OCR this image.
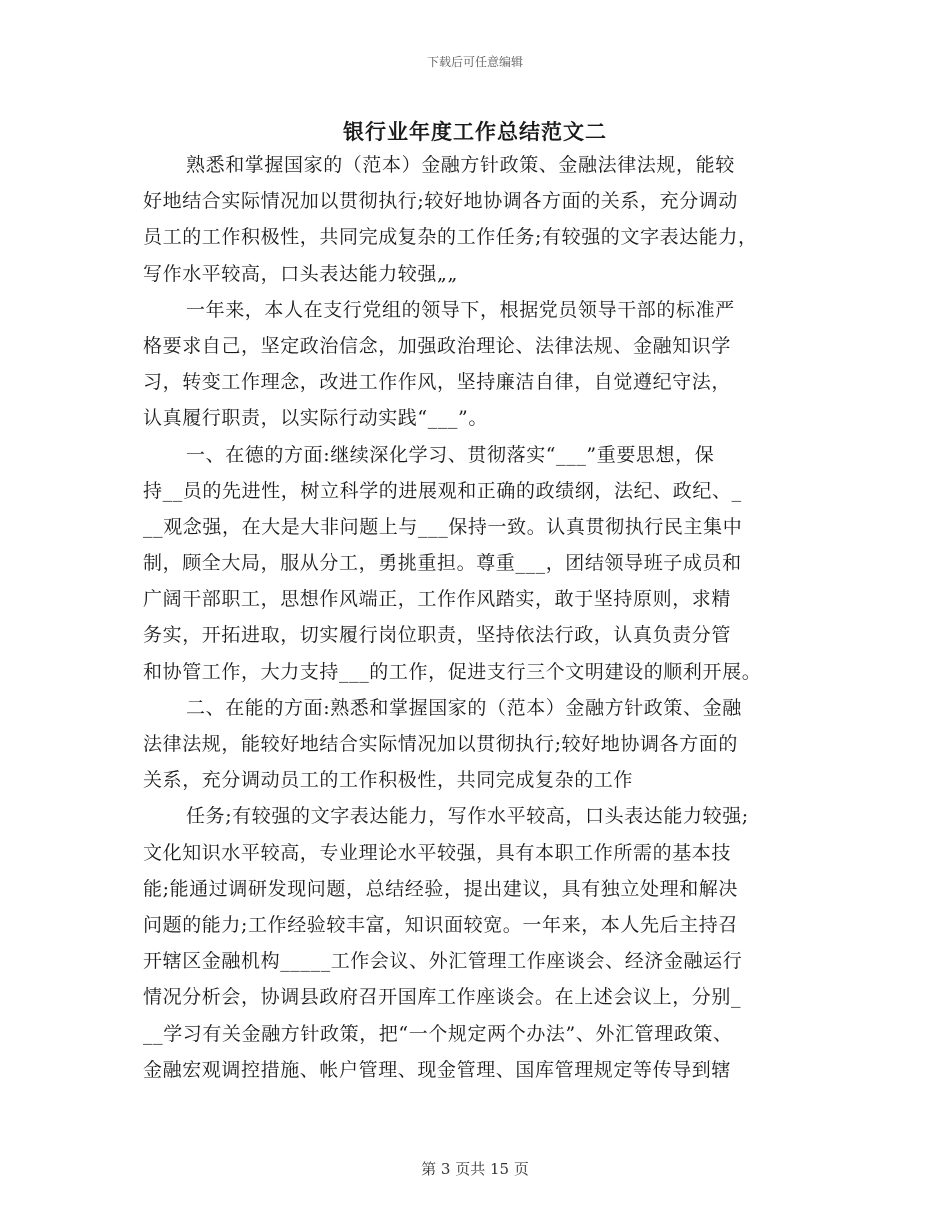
下载后可任意编辑
银行业年度工作总结范文二
熟悉和掌握国家的（范本）金融方针政策、金融法律法规，能较
好地结合实际情况加以贯彻执行;较好地协调各方面的关系，充分调动
员工的工作积极性，共同完成复杂的工作任务;有较强的文字表达能力，
写作水平较高，口头表达能力较强„„
一年来，本人在支行党组的领导下，根据党员领导干部的标准严
格要求自己，坚定政治信念，加强政治理论、法律法规、金融知识学
习，转变工作理念，改进工作作风，坚持廉洁自律，自觉遵纪守法，
认真履行职责，以实际行动实践“___”。
一、在德的方面:继续深化学习、贯彻落实“___”重要思想，保
持__员的先进性，树立科学的进展观和正确的政绩纲，法纪、政纪、_
__观念强，在大是大非问题上与___保持一致。认真贯彻执行民主集中
制，顾全大局，服从分工，勇挑重担。尊重___，团结领导班子成员和
广阔干部职工，思想作风端正，工作作风踏实，敢于坚持原则，求精
务实，开拓进取，切实履行岗位职责，坚持依法行政，认真负责分管
和协管工作，大力支持___的工作，促进支行三个文明建设的顺利开展。
二、在能的方面:熟悉和掌握国家的（范本）金融方针政策、金融
法律法规，能较好地结合实际情况加以贯彻执行;较好地协调各方面的
关系，充分调动员工的工作积极性，共同完成复杂的工作
任务;有较强的文字表达能力，写作水平较高，口头表达能力较强;
文化知识水平较高，专业理论水平较强，具有本职工作所需的基本技
能;能通过调研发现问题，总结经验，提出建议，具有独立处理和解决
问题的能力;工作经验较丰富，知识面较宽。一年来，本人先后主持召
开辖区金融机构_____工作会议、外汇管理工作座谈会、经济金融运行
情况分析会，协调县政府召开国库工作座谈会。在上述会议上，分别_
__学习有关金融方针政策，把“一个规定两个办法”、外汇管理政策、
金融宏观调控措施、帐户管理、现金管理、国库管理规定等传导到辖
第 3 页共 15 页
